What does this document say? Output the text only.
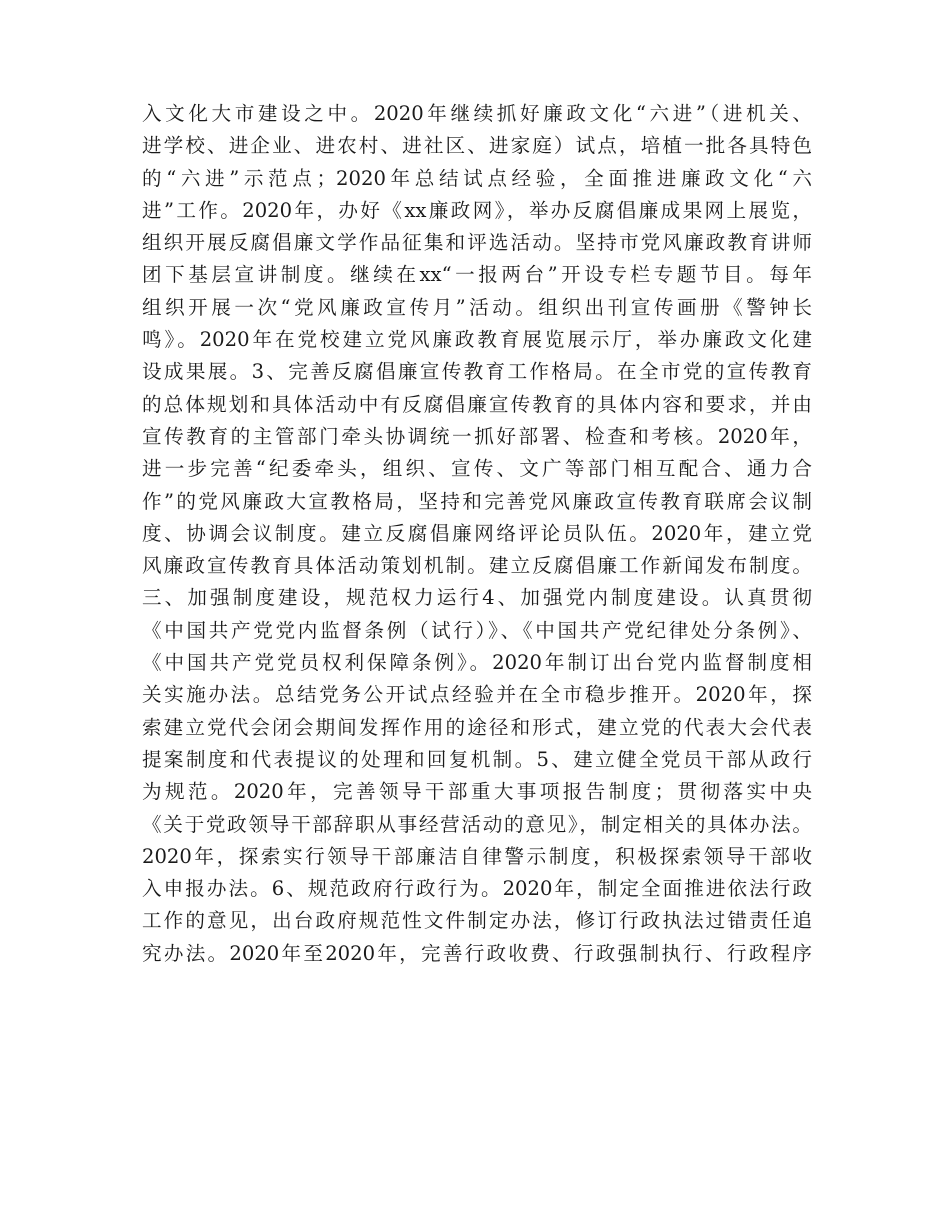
入文化大市建设之中。2020年继续抓好廉政文化“六进”（进机关、
进学校、进企业、进农村、进社区、进家庭）试点，培植一批各具特色
的“六进”示范点；2020年总结试点经验，全面推进廉政文化“六
进”工作。2020年，办好《xx廉政网》，举办反腐倡廉成果网上展览，
组织开展反腐倡廉文学作品征集和评选活动。坚持市党风廉政教育讲师
团下基层宣讲制度。继续在xx“一报两台”开设专栏专题节目。每年
组织开展一次“党风廉政宣传月”活动。组织出刊宣传画册《警钟长
鸣》。2020年在党校建立党风廉政教育展览展示厅，举办廉政文化建
设成果展。3、完善反腐倡廉宣传教育工作格局。在全市党的宣传教育
的总体规划和具体活动中有反腐倡廉宣传教育的具体内容和要求，并由
宣传教育的主管部门牵头协调统一抓好部署、检查和考核。2020年，
进一步完善“纪委牵头，组织、宣传、文广等部门相互配合、通力合
作”的党风廉政大宣教格局，坚持和完善党风廉政宣传教育联席会议制
度、协调会议制度。建立反腐倡廉网络评论员队伍。2020年，建立党
风廉政宣传教育具体活动策划机制。建立反腐倡廉工作新闻发布制度。
三、加强制度建设，规范权力运行4、加强党内制度建设。认真贯彻
《中国共产党党内监督条例（试行）》、《中国共产党纪律处分条例》、
《中国共产党党员权利保障条例》。2020年制订出台党内监督制度相
关实施办法。总结党务公开试点经验并在全市稳步推开。2020年，探
索建立党代会闭会期间发挥作用的途径和形式，建立党的代表大会代表
提案制度和代表提议的处理和回复机制。5、建立健全党员干部从政行
为规范。2020年，完善领导干部重大事项报告制度；贯彻落实中央
《关于党政领导干部辞职从事经营活动的意见》，制定相关的具体办法。
2020年，探索实行领导干部廉洁自律警示制度，积极探索领导干部收
入申报办法。6、规范政府行政行为。2020年，制定全面推进依法行政
工作的意见，出台政府规范性文件制定办法，修订行政执法过错责任追
究办法。2020年至2020年，完善行政收费、行政强制执行、行政程序
